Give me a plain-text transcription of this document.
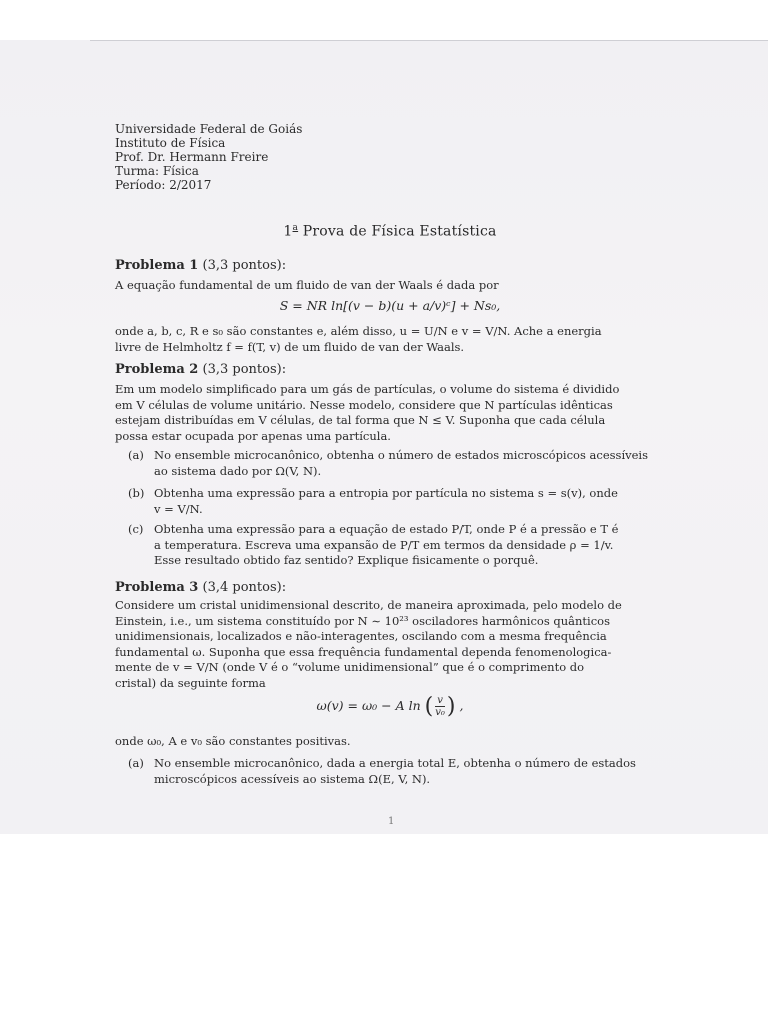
Universidade Federal de Goiás
Instituto de Física
Prof. Dr. Hermann Freire
Turma: Física
Período: 2/2017
1$^a$ Prova de Física Estatística
Problema 1 (3,3 pontos):
A equação fundamental de um fluido de van der Waals é dada por
S = NR ln[(v − b)(u + a/v)ᶜ] + Ns₀,
onde a, b, c, R e s₀ são constantes e, além disso, u = U/N e v = V/N. Ache a energia
livre de Helmholtz f = f(T, v) de um fluido de van der Waals.
Problema 2 (3,3 pontos):
Em um modelo simplificado para um gás de partículas, o volume do sistema é dividido
em V células de volume unitário. Nesse modelo, considere que N partículas idênticas
estejam distribuídas em V células, de tal forma que N ≤ V. Suponha que cada célula
possa estar ocupada por apenas uma partícula.
(a) No ensemble microcanônico, obtenha o número de estados microscópicos acessíveis
ao sistema dado por Ω(V, N).
(b) Obtenha uma expressão para a entropia por partícula no sistema s = s(v), onde
v = V/N.
(c) Obtenha uma expressão para a equação de estado P/T, onde P é a pressão e T é
a temperatura. Escreva uma expansão de P/T em termos da densidade ρ = 1/v.
Esse resultado obtido faz sentido? Explique fisicamente o porquê.
Problema 3 (3,4 pontos):
Considere um cristal unidimensional descrito, de maneira aproximada, pelo modelo de
Einstein, i.e., um sistema constituído por N ∼ 10²³ osciladores harmônicos quânticos
unidimensionais, localizados e não-interagentes, oscilando com a mesma frequência
fundamental ω. Suponha que essa frequência fundamental dependa fenomenologica-
mente de v = V/N (onde V é o “volume unidimensional” que é o comprimento do
cristal) da seguinte forma
ω(v) = ω₀ − A ln ( $\frac{v}{\text{v₀}}$ ) ,
onde ω₀, A e v₀ são constantes positivas.
(a) No ensemble microcanônico, dada a energia total E, obtenha o número de estados
microscópicos acessíveis ao sistema Ω(E, V, N).
1
